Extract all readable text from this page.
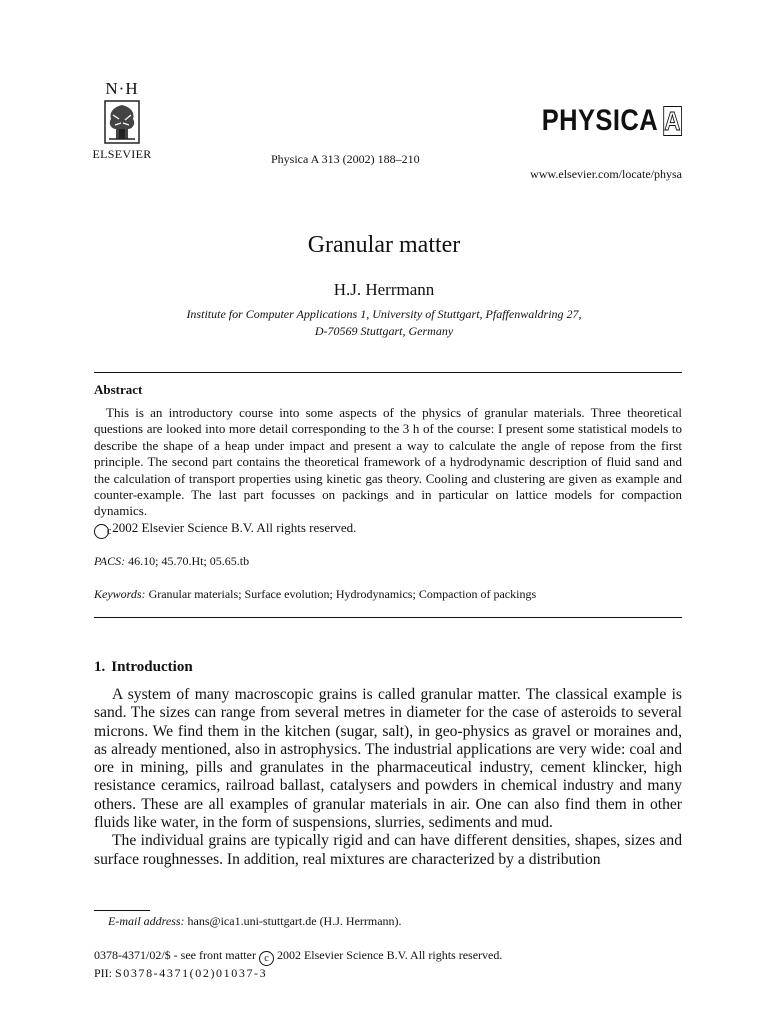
N·H
ELSEVIER	Physica A 313 (2002) 188–210
PHYSICA A
www.elsevier.com/locate/physa
Granular matter
H.J. Herrmann
Institute for Computer Applications 1, University of Stuttgart, Pfaffenwaldring 27,
D-70569 Stuttgart, Germany
Abstract
This is an introductory course into some aspects of the physics of granular materials. Three theoretical questions are looked into more detail corresponding to the 3 h of the course: I present some statistical models to describe the shape of a heap under impact and present a way to calculate the angle of repose from the first principle. The second part contains the theoretical framework of a hydrodynamic description of fluid sand and the calculation of transport properties using kinetic gas theory. Cooling and clustering are given as example and counter-example. The last part focusses on packings and in particular on lattice models for compaction dynamics.
c 2002 Elsevier Science B.V. All rights reserved.
PACS: 46.10; 45.70.Ht; 05.65.tb
Keywords: Granular materials; Surface evolution; Hydrodynamics; Compaction of packings
1. Introduction

A system of many macroscopic grains is called granular matter. The classical example is sand. The sizes can range from several metres in diameter for the case of asteroids to several microns. We find them in the kitchen (sugar, salt), in geo-physics as gravel or moraines and, as already mentioned, also in astrophysics. The industrial applications are very wide: coal and ore in mining, pills and granulates in the pharmaceutical industry, cement klincker, high resistance ceramics, railroad ballast, catalysers and powders in chemical industry and many others. These are all examples of granular materials in air. One can also find them in other fluids like water, in the form of suspensions, slurries, sediments and mud.

The individual grains are typically rigid and can have different densities, shapes, sizes and surface roughnesses. In addition, real mixtures are characterized by a distribution

E-mail address: hans@ica1.uni-stuttgart.de (H.J. Herrmann).
0378-4371/02/$ - see front matter c 2002 Elsevier Science B.V. All rights reserved.
PII: S0378-4371(02)01037-3
